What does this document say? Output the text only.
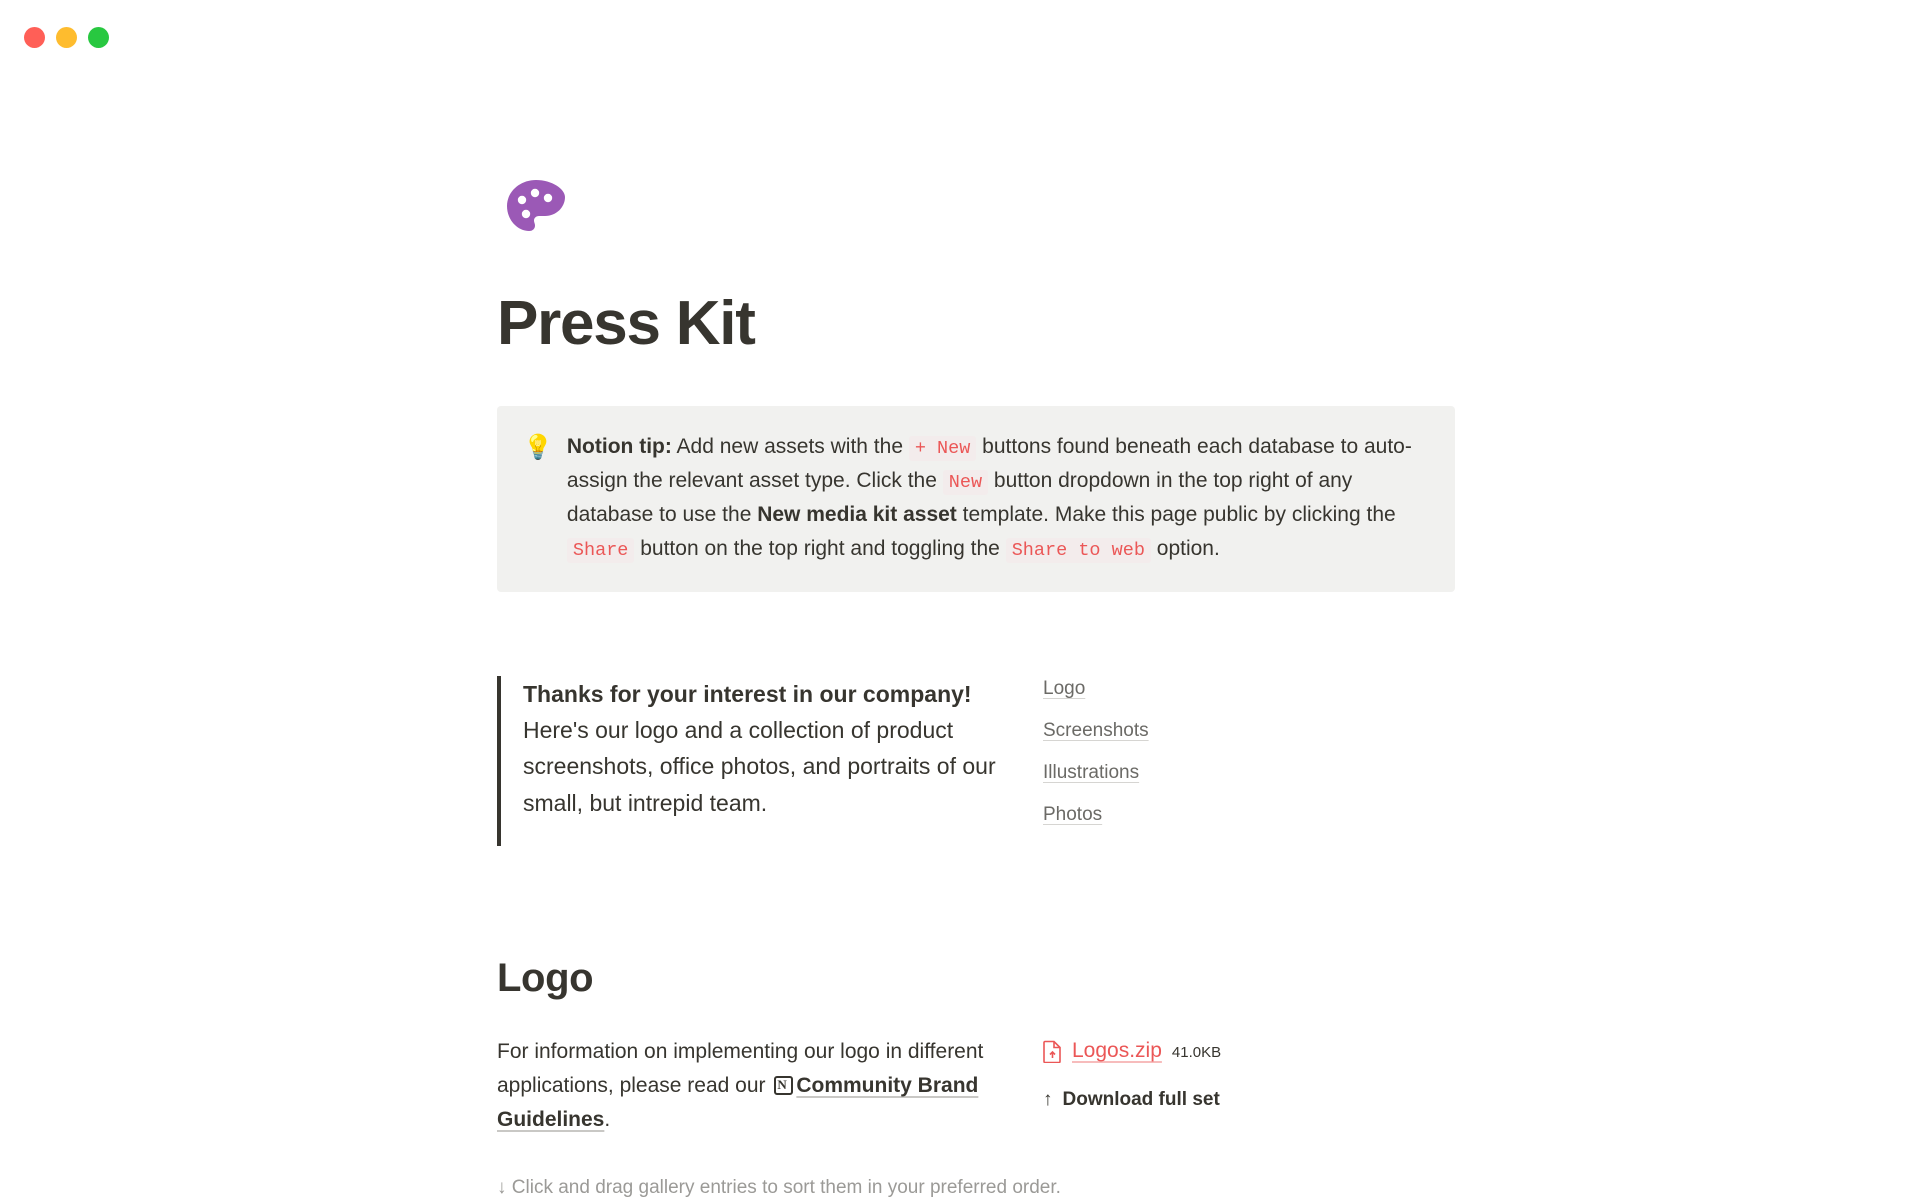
Press Kit
💡 Notion tip: Add new assets with the + New buttons found beneath each database to auto-assign the relevant asset type. Click the New button dropdown in the top right of any database to use the New media kit asset template. Make this page public by clicking the Share button on the top right and toggling the Share to web option.
Thanks for your interest in our company!
Here's our logo and a collection of product screenshots, office photos, and portraits of our small, but intrepid team.
Logo
Screenshots
Illustrations
Photos
Logo
For information on implementing our logo in different applications, please read our NCommunity Brand Guidelines.
Logos.zip 41.0KB
↑ Download full set
↓ Click and drag gallery entries to sort them in your preferred order.
